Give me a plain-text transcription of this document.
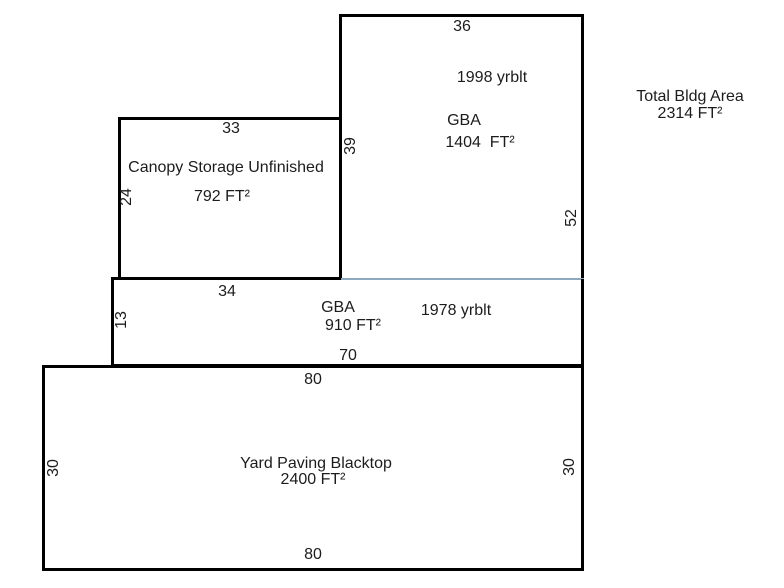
36
1998 yrblt
GBA
1404  FT²
39
52
33
Canopy Storage Unfinished
792 FT²
24
34
GBA
910 FT²
1978 yrblt
13
70
80
Yard Paving Blacktop
2400 FT²
30	30
80
Total Bldg Area
2314 FT²
